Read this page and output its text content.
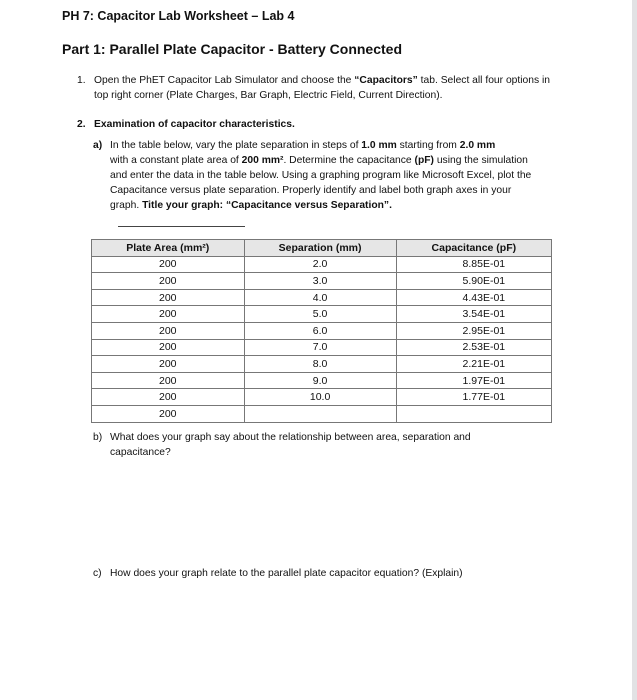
PH 7: Capacitor Lab Worksheet – Lab 4
Part 1: Parallel Plate Capacitor - Battery Connected
1. Open the PhET Capacitor Lab Simulator and choose the “Capacitors” tab. Select all four options in
top right corner (Plate Charges, Bar Graph, Electric Field, Current Direction).
2. Examination of capacitor characteristics.
a) In the table below, vary the plate separation in steps of 1.0 mm starting from 2.0 mm
with a constant plate area of 200 mm². Determine the capacitance (pF) using the simulation
and enter the data in the table below. Using a graphing program like Microsoft Excel, plot the
Capacitance versus plate separation. Properly identify and label both graph axes in your
graph. Title your graph: “Capacitance versus Separation”.
Plate Area (mm²)	Separation (mm)	Capacitance (pF)
200	2.0	8.85E-01
200	3.0	5.90E-01
200	4.0	4.43E-01
200	5.0	3.54E-01
200	6.0	2.95E-01
200	7.0	2.53E-01
200	8.0	2.21E-01
200	9.0	1.97E-01
200	10.0	1.77E-01
200		
b) What does your graph say about the relationship between area, separation and
capacitance?
c) How does your graph relate to the parallel plate capacitor equation? (Explain)
